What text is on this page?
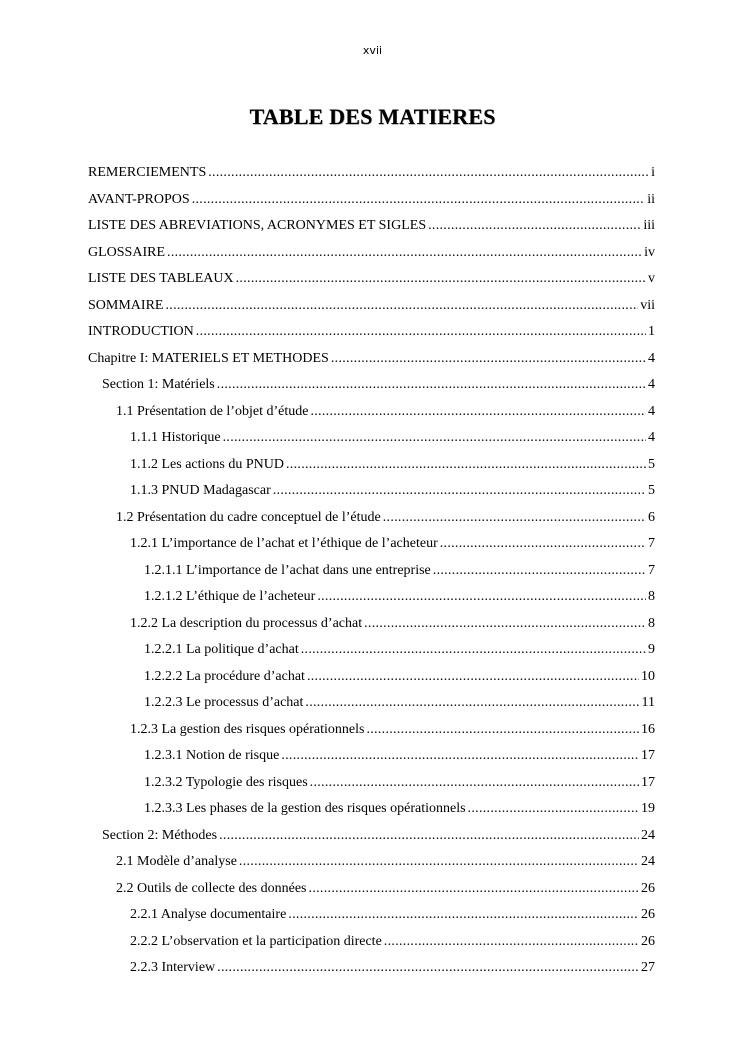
xvii
TABLE DES MATIERES
REMERCIEMENTS .....	i
AVANT-PROPOS .....	ii
LISTE DES ABREVIATIONS, ACRONYMES ET SIGLES .....	iii
GLOSSAIRE .....	iv
LISTE DES TABLEAUX .....	v
SOMMAIRE .....	vii
INTRODUCTION .....	1
Chapitre I: MATERIELS ET METHODES .....	4
Section 1: Matériels .....	4
1.1 Présentation de l’objet d’étude .....	4
1.1.1 Historique .....	4
1.1.2 Les actions du PNUD .....	5
1.1.3 PNUD Madagascar .....	5
1.2 Présentation du cadre conceptuel de l’étude .....	6
1.2.1 L’importance de l’achat et l’éthique de l’acheteur .....	7
1.2.1.1 L’importance de l’achat dans une entreprise .....	7
1.2.1.2 L’éthique de l’acheteur .....	8
1.2.2 La description du processus d’achat .....	8
1.2.2.1 La politique d’achat .....	9
1.2.2.2 La procédure d’achat .....	10
1.2.2.3 Le processus d’achat .....	11
1.2.3 La gestion des risques opérationnels .....	16
1.2.3.1 Notion de risque .....	17
1.2.3.2 Typologie des risques .....	17
1.2.3.3 Les phases de la gestion des risques opérationnels .....	19
Section 2: Méthodes .....	24
2.1 Modèle d’analyse .....	24
2.2 Outils de collecte des données .....	26
2.2.1 Analyse documentaire .....	26
2.2.2 L’observation et la participation directe .....	26
2.2.3 Interview .....	27
